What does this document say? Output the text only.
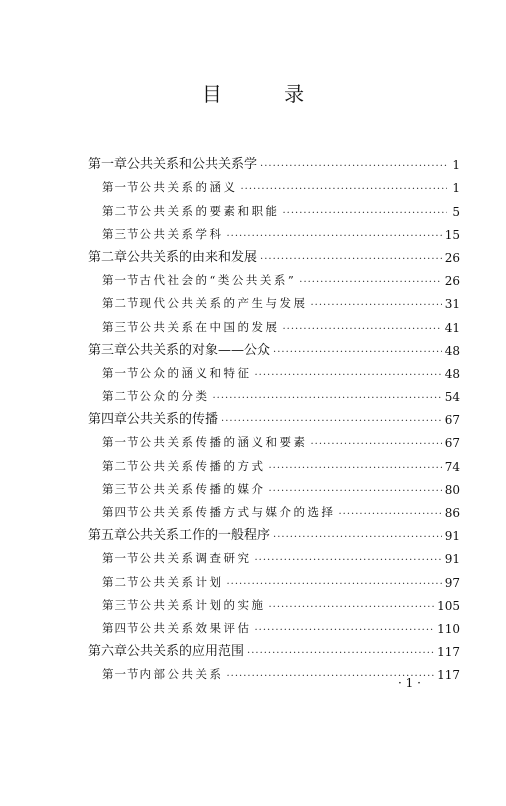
目 录
第一章 公共关系和公共关系学 ·····	1
第一节 公共关系的涵义 ·····	1
第二节 公共关系的要素和职能 ·····	5
第三节 公共关系学科 ·····	15
第二章 公共关系的由来和发展 ·····	26
第一节 古代社会的“类公共关系” ·····	26
第二节 现代公共关系的产生与发展 ·····	31
第三节 公共关系在中国的发展 ·····	41
第三章 公共关系的对象——公众 ·····	48
第一节 公众的涵义和特征 ·····	48
第二节 公众的分类 ·····	54
第四章 公共关系的传播 ·····	67
第一节 公共关系传播的涵义和要素 ·····	67
第二节 公共关系传播的方式 ·····	74
第三节 公共关系传播的媒介 ·····	80
第四节 公共关系传播方式与媒介的选择 ·····	86
第五章 公共关系工作的一般程序 ·····	91
第一节 公共关系调查研究 ·····	91
第二节 公共关系计划 ·····	97
第三节 公共关系计划的实施 ·····	105
第四节 公共关系效果评估 ·····	110
第六章 公共关系的应用范围 ·····	117
第一节 内部公共关系 ·····	117
· 1 ·
